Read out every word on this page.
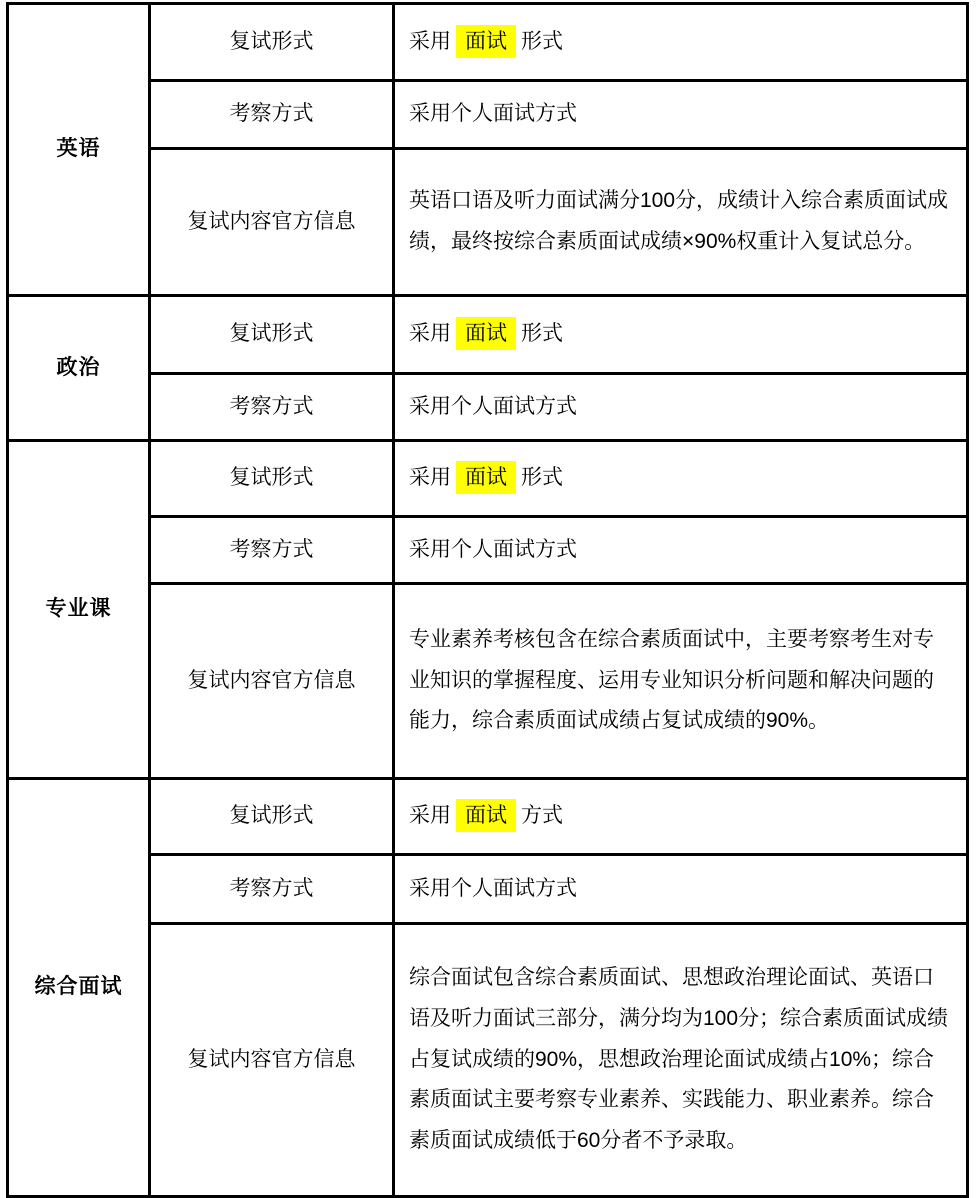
英语	复试形式	采用 面试 形式
	考察方式	采用个人面试方式
	复试内容官方信息	英语口语及听力面试满分100分，成绩计入综合素质面试成绩，最终按综合素质面试成绩×90%权重计入复试总分。
政治	复试形式	采用 面试 形式
	考察方式	采用个人面试方式
专业课	复试形式	采用 面试 形式
	考察方式	采用个人面试方式
	复试内容官方信息	专业素养考核包含在综合素质面试中，主要考察考生对专业知识的掌握程度、运用专业知识分析问题和解决问题的能力，综合素质面试成绩占复试成绩的90%。
综合面试	复试形式	采用 面试 方式
	考察方式	采用个人面试方式
	复试内容官方信息	综合面试包含综合素质面试、思想政治理论面试、英语口语及听力面试三部分，满分均为100分；综合素质面试成绩占复试成绩的90%，思想政治理论面试成绩占10%；综合素质面试主要考察专业素养、实践能力、职业素养。综合素质面试成绩低于60分者不予录取。
